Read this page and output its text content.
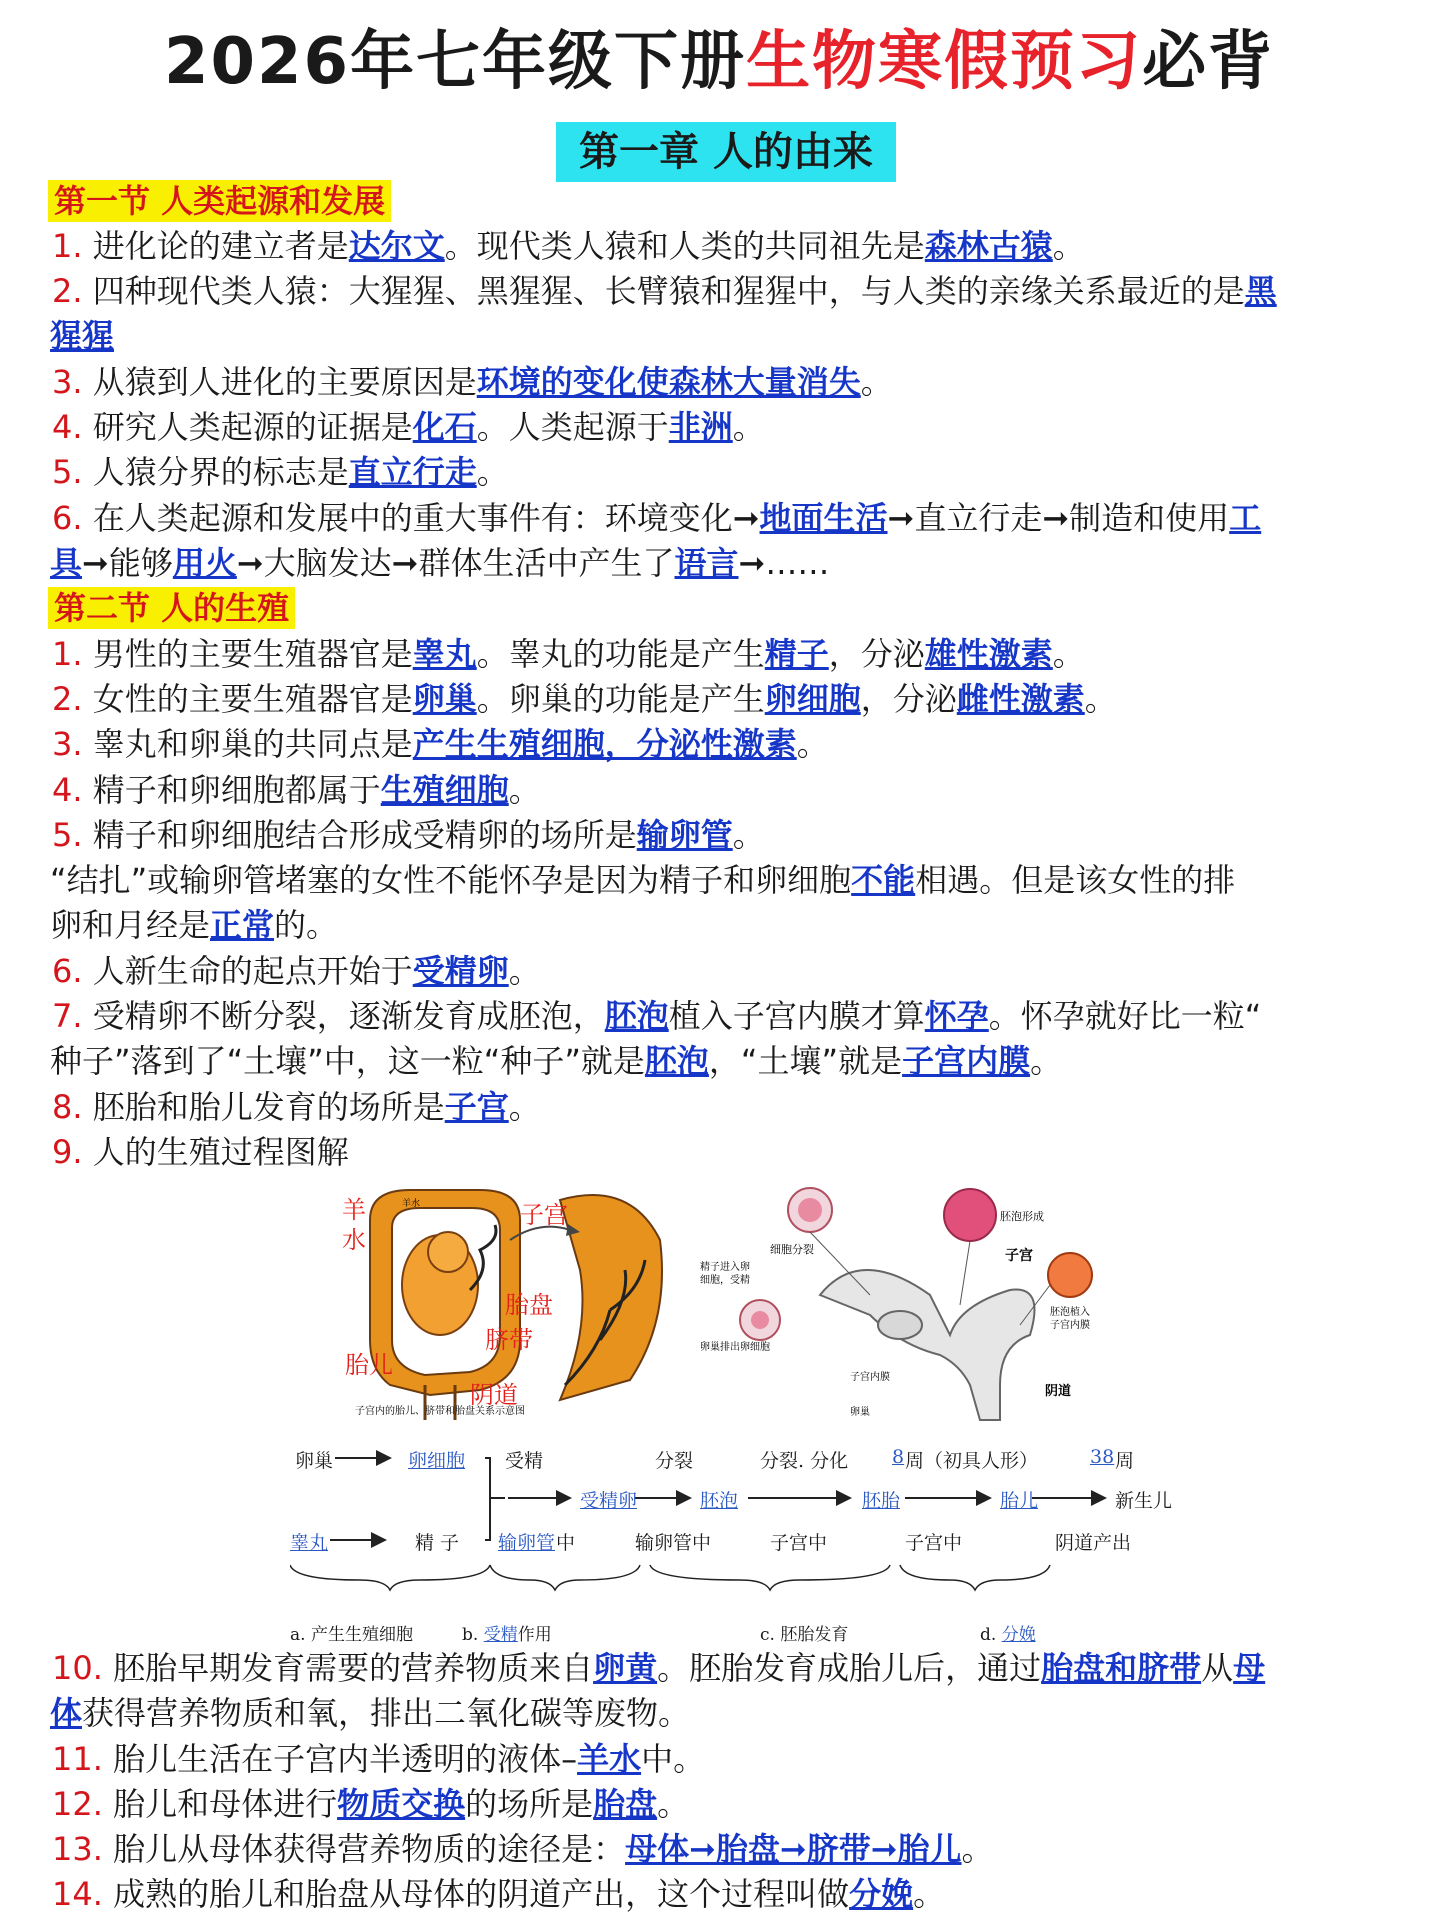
2026年七年级下册生物寒假预习必背
第一章 人的由来
第一节 人类起源和发展
1. 进化论的建立者是达尔文。现代类人猿和人类的共同祖先是森林古猿。
2. 四种现代类人猿：大猩猩、黑猩猩、长臂猿和猩猩中，与人类的亲缘关系最近的是黑
猩猩
3. 从猿到人进化的主要原因是环境的变化使森林大量消失。
4. 研究人类起源的证据是化石。人类起源于非洲。
5. 人猿分界的标志是直立行走。
6. 在人类起源和发展中的重大事件有：环境变化➞地面生活➞直立行走➞制造和使用工
具➞能够用火➞大脑发达➞群体生活中产生了语言➞……
第二节 人的生殖
1. 男性的主要生殖器官是睾丸。睾丸的功能是产生精子，分泌雄性激素。
2. 女性的主要生殖器官是卵巢。卵巢的功能是产生卵细胞，分泌雌性激素。
3. 睾丸和卵巢的共同点是产生生殖细胞，分泌性激素。
4. 精子和卵细胞都属于生殖细胞。
5. 精子和卵细胞结合形成受精卵的场所是输卵管。
“结扎”或输卵管堵塞的女性不能怀孕是因为精子和卵细胞不能相遇。但是该女性的排
卵和月经是正常的。
6. 人新生命的起点开始于受精卵。
7. 受精卵不断分裂，逐渐发育成胚泡，胚泡植入子宫内膜才算怀孕。怀孕就好比一粒“
种子”落到了“土壤”中，这一粒“种子”就是胚泡，“土壤”就是子宫内膜。
8. 胚胎和胎儿发育的场所是子宫。
9. 人的生殖过程图解
子宫内的胎儿、脐带和胎盘关系示意图
羊水
羊
水
子宫
胎盘
脐带
胎儿
阴道
细胞分裂
胚泡形成
精子进入卵
细胞，受精
子宫
卵巢排出卵细胞
胚泡植入
子宫内膜
子宫内膜
卵巢
阴道
卵巢	卵细胞 受精	分裂	分裂. 分化 8 周（初具人形）	38 周
受精卵	胚泡	胚胎	胎儿	新生儿
睾丸	精 子 输卵管 中	输卵管中	子宫中	子宫中	阴道产出
a. 产生生殖细胞	b. 受精作用	c. 胚胎发育	d. 分娩
10. 胚胎早期发育需要的营养物质来自卵黄。胚胎发育成胎儿后，通过胎盘和脐带从母
体获得营养物质和氧，排出二氧化碳等废物。
11. 胎儿生活在子宫内半透明的液体–羊水中。
12. 胎儿和母体进行物质交换的场所是胎盘。
13. 胎儿从母体获得营养物质的途径是：母体➞胎盘➞脐带➞胎儿。
14. 成熟的胎儿和胎盘从母体的阴道产出，这个过程叫做分娩。
